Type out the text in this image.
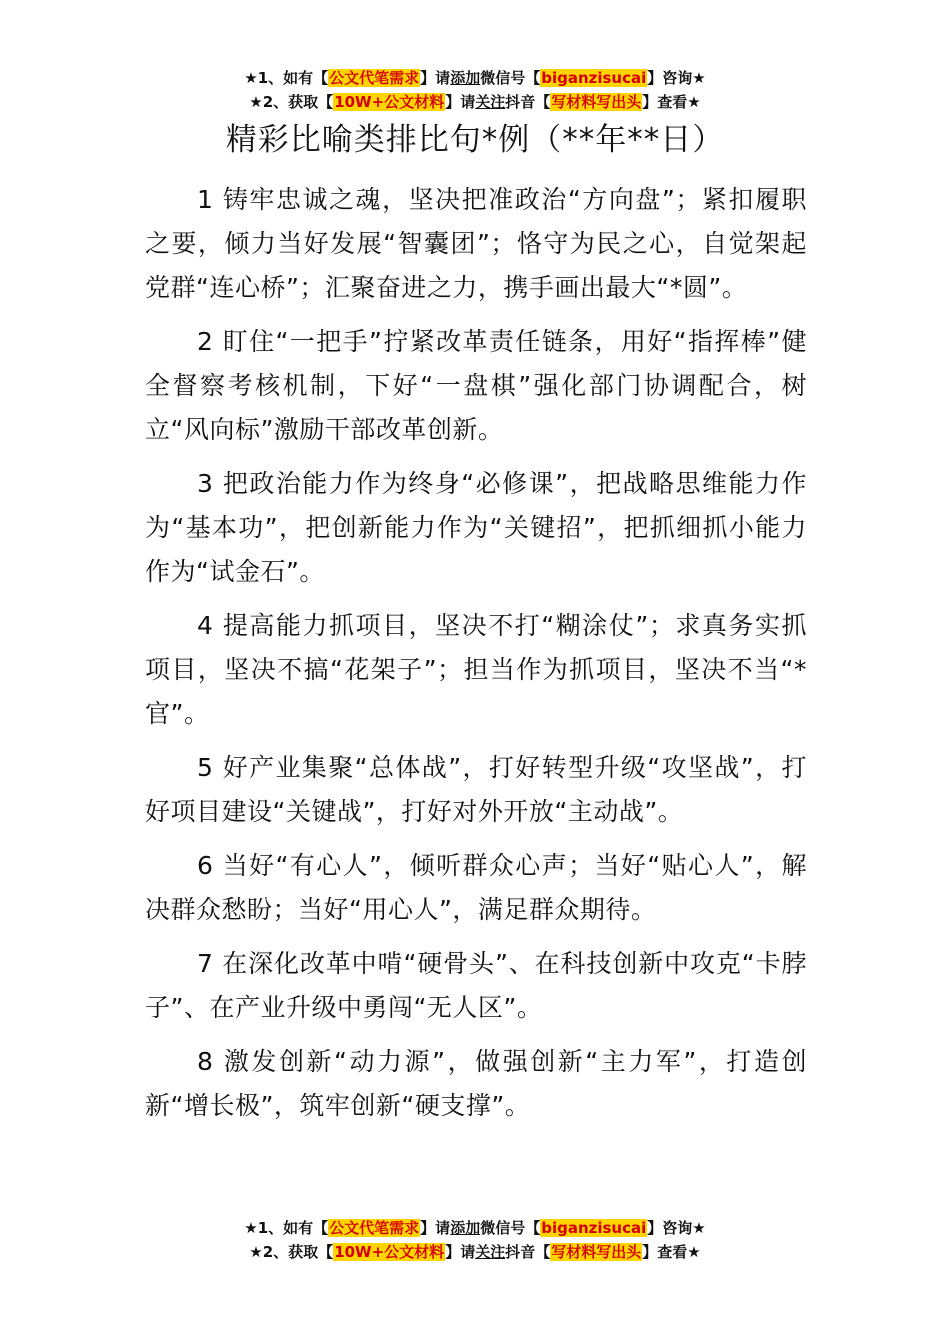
★1、如有【公文代笔需求】请添加微信号【biganzisucai】咨询★
★2、获取【10W+公文材料】请关注抖音【写材料写出头】查看★
精彩比喻类排比句*例（**年**日）

1 铸牢忠诚之魂，坚决把准政治“方向盘”；紧扣履职之要，倾力当好发展“智囊团”；恪守为民之心，自觉架起党群“连心桥”；汇聚奋进之力，携手画出最大“*圆”。

2 盯住“一把手”拧紧改革责任链条，用好“指挥棒”健全督察考核机制，下好“一盘棋”强化部门协调配合，树立“风向标”激励干部改革创新。

3 把政治能力作为终身“必修课”，把战略思维能力作为“基本功”，把创新能力作为“关键招”，把抓细抓小能力作为“试金石”。

4 提高能力抓项目，坚决不打“糊涂仗”；求真务实抓项目，坚决不搞“花架子”；担当作为抓项目，坚决不当“*官”。

5 好产业集聚“总体战”，打好转型升级“攻坚战”，打好项目建设“关键战”，打好对外开放“主动战”。

6 当好“有心人”，倾听群众心声；当好“贴心人”，解决群众愁盼；当好“用心人”，满足群众期待。

7 在深化改革中啃“硬骨头”、在科技创新中攻克“卡脖子”、在产业升级中勇闯“无人区”。

8 激发创新“动力源”，做强创新“主力军”，打造创新“增长极”，筑牢创新“硬支撑”。

★1、如有【公文代笔需求】请添加微信号【biganzisucai】咨询★
★2、获取【10W+公文材料】请关注抖音【写材料写出头】查看★
